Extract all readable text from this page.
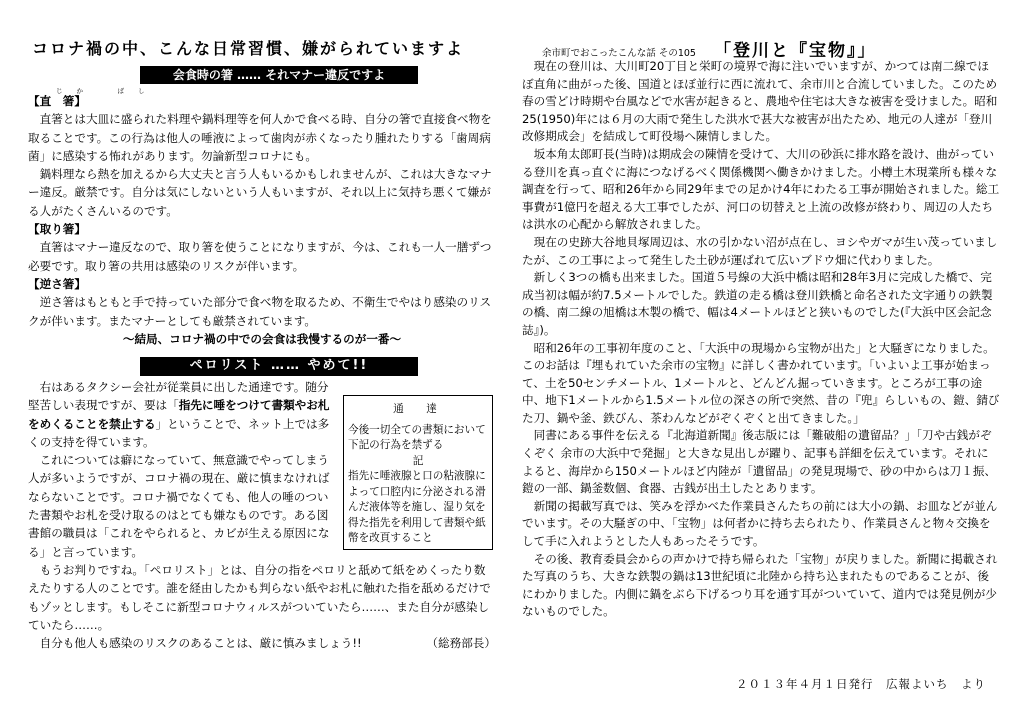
コロナ禍の中、こんな日常習慣、嫌がられていますよ
会食時の箸 …… それマナー違反ですよ
じか　ばし

【直　箸】

　直箸とは大皿に盛られた料理や鍋料理等を何人かで食べる時、自分の箸で直接食べ物を取ることです。この行為は他人の唾液によって歯肉が赤くなったり腫れたりする「歯周病菌」に感染する怖れがあります。勿論新型コロナにも。

　鍋料理なら熱を加えるから大丈夫と言う人もいるかもしれませんが、これは大きなマナー違反。厳禁です。自分は気にしないという人もいますが、それ以上に気持ち悪くて嫌がる人がたくさんいるのです。

【取り箸】

　直箸はマナー違反なので、取り箸を使うことになりますが、今は、これも一人一膳ずつ必要です。取り箸の共用は感染のリスクが伴います。

【逆さ箸】

　逆さ箸はもともと手で持っていた部分で食べ物を取るため、不衛生でやはり感染のリスクが伴います。またマナーとしても厳禁されています。

～結局、コロナ禍の中での会食は我慢するのが一番～

ペロリスト …… やめて!!

　右はあるタクシー会社が従業員に出した通達です。随分堅苦しい表現ですが、要は「指先に唾をつけて書類やお札をめくることを禁止する」ということで、ネット上では多くの支持を得ています。

　これについては癖になっていて、無意識でやってしまう人が多いようですが、コロナ禍の現在、厳に慎まなければならないことです。コロナ禍でなくても、他人の唾のついた書類やお札を受け取るのはとても嫌なものです。ある図書館の職員は「これをやられると、カビが生える原因になる」と言っています。

　もうお判りですね。「ペロリスト」とは、自分の指をペロリと舐めて紙をめくったり数えたりする人のことです。誰を経由したかも判らない紙やお札に触れた指を舐めるだけでもゾッとします。もしそこに新型コロナウィルスがついていたら……、また自分が感染していたら……。

　自分も他人も感染のリスクのあることは、厳に慎みましょう!!	（総務部長）

通　達
今後一切全ての書類において下記の行為を禁ずる
記
指先に唾液腺と口の粘液腺によって口腔内に分泌される滑んだ液体等を施し、湿り気を得た指先を利用して書類や紙幣を改頁すること
余市町でおこったこんな話 その105 「登川と『宝物』」

　現在の登川は、大川町20丁目と栄町の境界で海に注いでいますが、かつては南二線でほぼ直角に曲がった後、国道とほぼ並行に西に流れて、余市川と合流していました。このため春の雪どけ時期や台風などで水害が起きると、農地や住宅は大きな被害を受けました。昭和25(1950)年には６月の大雨で発生した洪水で甚大な被害が出たため、地元の人達が「登川改修期成会」を結成して町役場へ陳情しました。

　坂本角太郎町長(当時)は期成会の陳情を受けて、大川の砂浜に排水路を設け、曲がっている登川を真っ直ぐに海につなげるべく関係機関へ働きかけました。小樽土木現業所も様々な調査を行って、昭和26年から同29年までの足かけ4年にわたる工事が開始されました。総工事費が1億円を超える大工事でしたが、河口の切替えと上流の改修が終わり、周辺の人たちは洪水の心配から解放されました。

　現在の史跡大谷地貝塚周辺は、水の引かない沼が点在し、ヨシやガマが生い茂っていましたが、この工事によって発生した土砂が運ばれて広いブドウ畑に代わりました。

　新しく3つの橋も出来ました。国道５号線の大浜中橋は昭和28年3月に完成した橋で、完成当初は幅が約7.5メートルでした。鉄道の走る橋は登川鉄橋と命名された文字通りの鉄製の橋、南二線の旭橋は木製の橋で、幅は4メートルほどと狭いものでした(『大浜中区会記念誌』)。

　昭和26年の工事初年度のこと、「大浜中の現場から宝物が出た」と大騒ぎになりました。このお話は『埋もれていた余市の宝物』に詳しく書かれています。「いよいよ工事が始まって、土を50センチメートル、1メートルと、どんどん掘っていきます。ところが工事の途中、地下1メートルから1.5メートル位の深さの所で突然、昔の『兜』らしいもの、鎧、錆びた刀、鍋や釜、鉄びん、茶わんなどがぞくぞくと出てきました。」

　同書にある事件を伝える『北海道新聞』後志版には「難破船の遺留品？」「刀や古銭がぞくぞく 余市の大浜中で発掘」と大きな見出しが躍り、記事も詳細を伝えています。それによると、海岸から150メートルほど内陸が「遺留品」の発見現場で、砂の中からは刀１振、鎧の一部、鍋釜数個、食器、古銭が出土したとあります。

　新聞の掲載写真では、笑みを浮かべた作業員さんたちの前には大小の鍋、お皿などが並んでいます。その大騒ぎの中、「宝物」は何者かに持ち去られたり、作業員さんと物々交換をして手に入れようとした人もあったそうです。

　その後、教育委員会からの声かけで持ち帰られた「宝物」が戻りました。新聞に掲載された写真のうち、大きな鉄製の鍋は13世紀頃に北陸から持ち込まれたものであることが、後にわかりました。内側に鍋をぶら下げるつり耳を通す耳がついていて、道内では発見例が少ないものでした。

２０１３年４月１日発行　広報よいち　より
